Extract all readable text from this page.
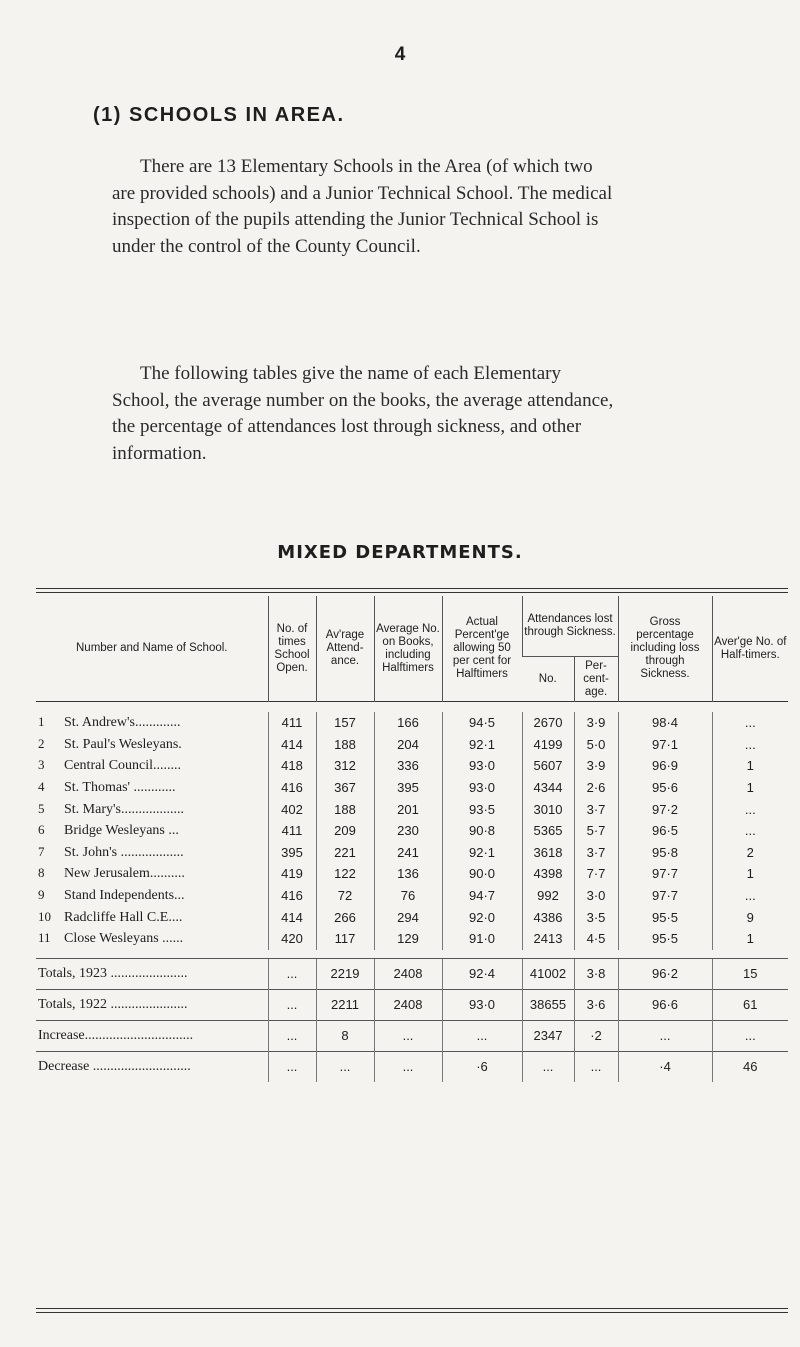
4
(1) SCHOOLS IN AREA.
There are 13 Elementary Schools in the Area (of which two
are provided schools) and a Junior Technical School. The medical
inspection of the pupils attending the Junior Technical School is
under the control of the County Council.
The following tables give the name of each Elementary
School, the average number on the books, the average attendance,
the percentage of attendances lost through sickness, and other
information.
MIXED DEPARTMENTS.
Number and Name of School.	No. of times School Open.	Av'rage Attend-ance.	Average No. on Books, including Halftimers	Actual Percent'ge allowing 50 per cent for Halftimers	Attendances lost through Sickness.		Gross percentage including loss through Sickness.	Aver'ge No. of Half-timers.
					No.	Per-cent-age.		

1 St. Andrew's.............	411	157	166	94·5	2670	3·9	98·4	...
2 St. Paul's Wesleyans.	414	188	204	92·1	4199	5·0	97·1	...
3 Central Council........	418	312	336	93·0	5607	3·9	96·9	1
4 St. Thomas' ............	416	367	395	93·0	4344	2·6	95·6	1
5 St. Mary's..................	402	188	201	93·5	3010	3·7	97·2	...
6 Bridge Wesleyans ...	411	209	230	90·8	5365	5·7	96·5	...
7 St. John's ..................	395	221	241	92·1	3618	3·7	95·8	2
8 New Jerusalem..........	419	122	136	90·0	4398	7·7	97·7	1
9 Stand Independents...	416	72	76	94·7	992	3·0	97·7	...
10 Radcliffe Hall C.E....	414	266	294	92·0	4386	3·5	95·5	9
11 Close Wesleyans ......	420	117	129	91·0	2413	4·5	95·5	1

Totals, 1923 ......................	...	2219	2408	92·4	41002	3·8	96·2	15
Totals, 1922 ......................	...	2211	2408	93·0	38655	3·6	96·6	61
Increase...............................	...	8	...	...	2347	·2	...	...
Decrease ............................	...	...	...	·6	...	...	·4	46
